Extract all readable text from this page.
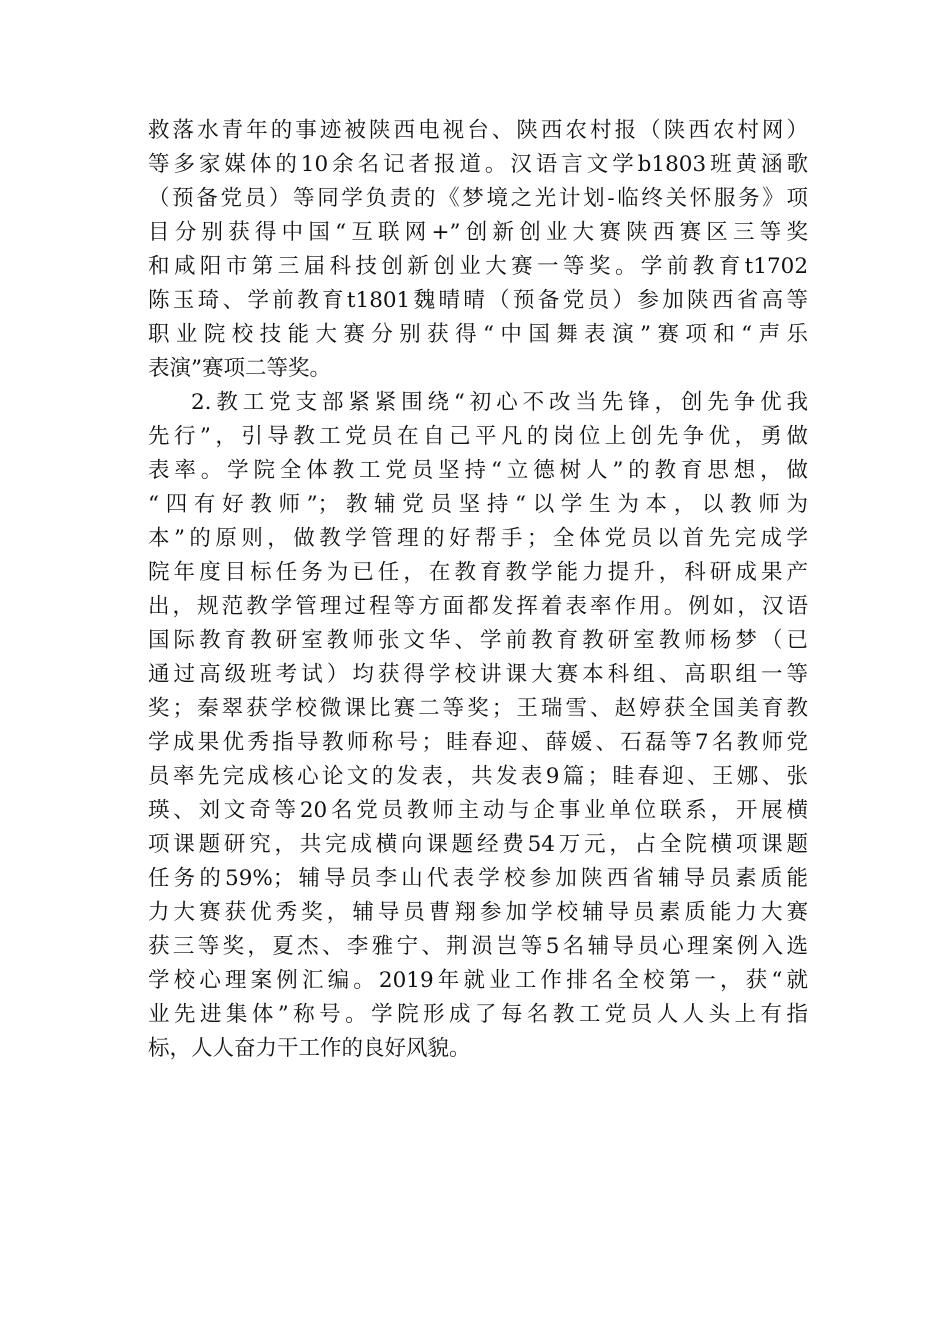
救落水青年的事迹被陕西电视台、陕西农村报（陕西农村网）
等多家媒体的10余名记者报道。汉语言文学b1803班黄涵歌
（预备党员）等同学负责的《梦境之光计划-临终关怀服务》项
目分别获得中国“互联网+”创新创业大赛陕西赛区三等奖
和咸阳市第三届科技创新创业大赛一等奖。学前教育t1702
陈玉琦、学前教育t1801魏晴晴（预备党员）参加陕西省高等
职业院校技能大赛分别获得“中国舞表演”赛项和“声乐
表演”赛项二等奖。
2.教工党支部紧紧围绕“初心不改当先锋，创先争优我
先行”，引导教工党员在自己平凡的岗位上创先争优，勇做
表率。学院全体教工党员坚持“立德树人”的教育思想，做
“四有好教师”；教辅党员坚持“以学生为本，以教师为
本”的原则，做教学管理的好帮手；全体党员以首先完成学
院年度目标任务为已任，在教育教学能力提升，科研成果产
出，规范教学管理过程等方面都发挥着表率作用。例如，汉语
国际教育教研室教师张文华、学前教育教研室教师杨梦（已
通过高级班考试）均获得学校讲课大赛本科组、高职组一等
奖；秦翠获学校微课比赛二等奖；王瑞雪、赵婷获全国美育教
学成果优秀指导教师称号；眭春迎、薛媛、石磊等7名教师党
员率先完成核心论文的发表，共发表9篇；眭春迎、王娜、张
瑛、刘文奇等20名党员教师主动与企事业单位联系，开展横
项课题研究，共完成横向课题经费54万元，占全院横项课题
任务的59%；辅导员李山代表学校参加陕西省辅导员素质能
力大赛获优秀奖，辅导员曹翔参加学校辅导员素质能力大赛
获三等奖，夏杰、李雅宁、荆涢岂等5名辅导员心理案例入选
学校心理案例汇编。2019年就业工作排名全校第一，获“就
业先进集体”称号。学院形成了每名教工党员人人头上有指
标，人人奋力干工作的良好风貌。
